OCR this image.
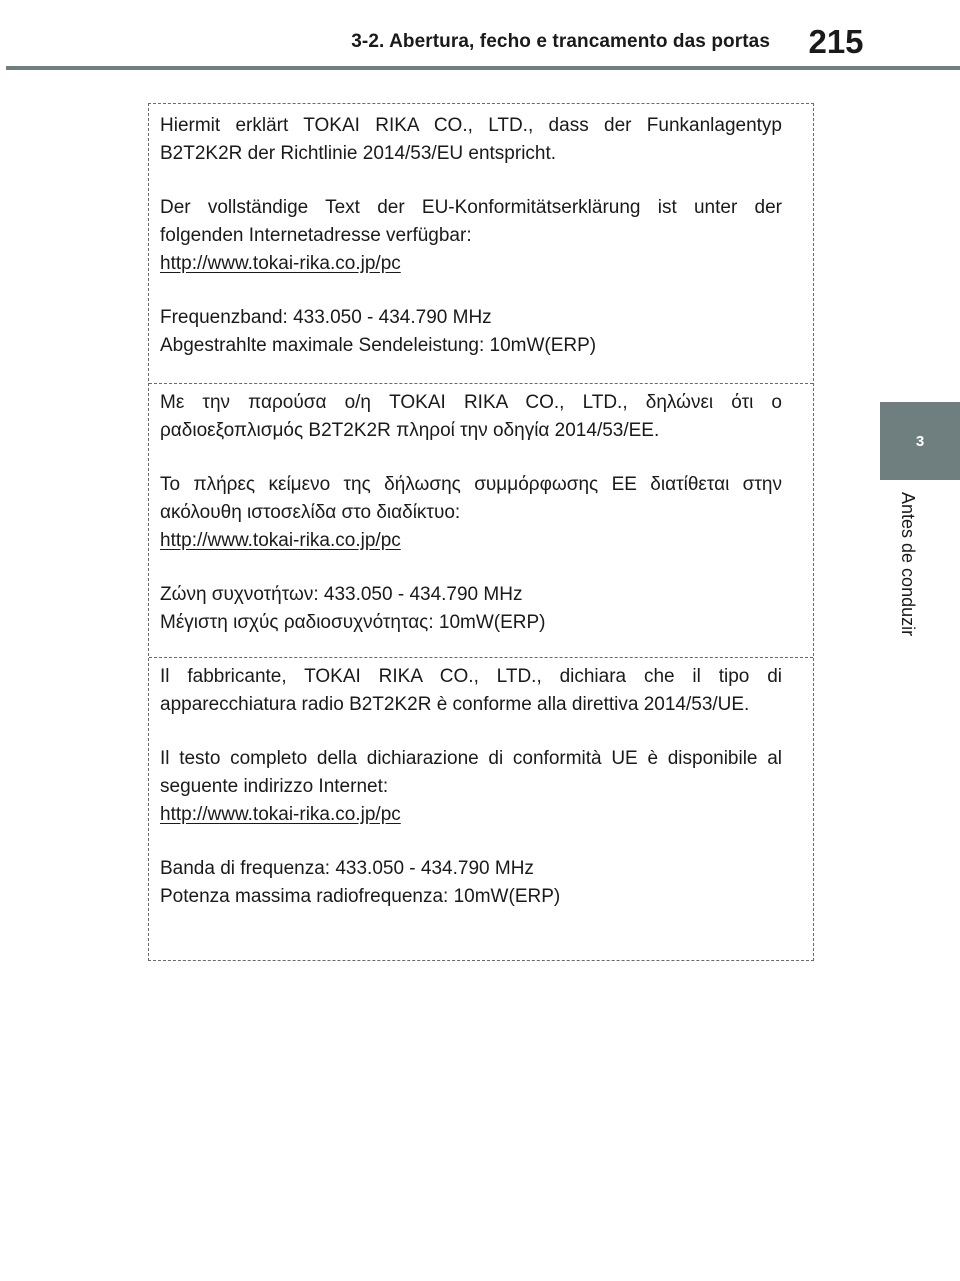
3-2. Abertura, fecho e trancamento das portas	215
3
Antes de conduzir

Hiermit erklärt TOKAI RIKA CO., LTD., dass der Funkanlagentyp B2T2K2R der Richtlinie 2014/53/EU entspricht.

Der vollständige Text der EU-Konformitätserklärung ist unter der folgenden Internetadresse verfügbar:

http://www.tokai-rika.co.jp/pc

Frequenzband: 433.050 - 434.790 MHz

Abgestrahlte maximale Sendeleistung: 10mW(ERP)

Με την παρούσα ο/η TOKAI RIKA CO., LTD., δηλώνει ότι ο ραδιοεξοπλισμός B2T2K2R πληροί την οδηγία 2014/53/ΕΕ.

Το πλήρες κείμενο της δήλωσης συμμόρφωσης ΕΕ διατίθεται στην ακόλουθη ιστοσελίδα στο διαδίκτυο:

http://www.tokai-rika.co.jp/pc

Ζώνη συχνοτήτων: 433.050 - 434.790 MHz

Μέγιστη ισχύς ραδιοσυχνότητας: 10mW(ERP)

Il fabbricante, TOKAI RIKA CO., LTD., dichiara che il tipo di apparecchiatura radio B2T2K2R è conforme alla direttiva 2014/53/UE.

Il testo completo della dichiarazione di conformità UE è disponibile al seguente indirizzo Internet:

http://www.tokai-rika.co.jp/pc

Banda di frequenza: 433.050 - 434.790 MHz

Potenza massima radiofrequenza: 10mW(ERP)
